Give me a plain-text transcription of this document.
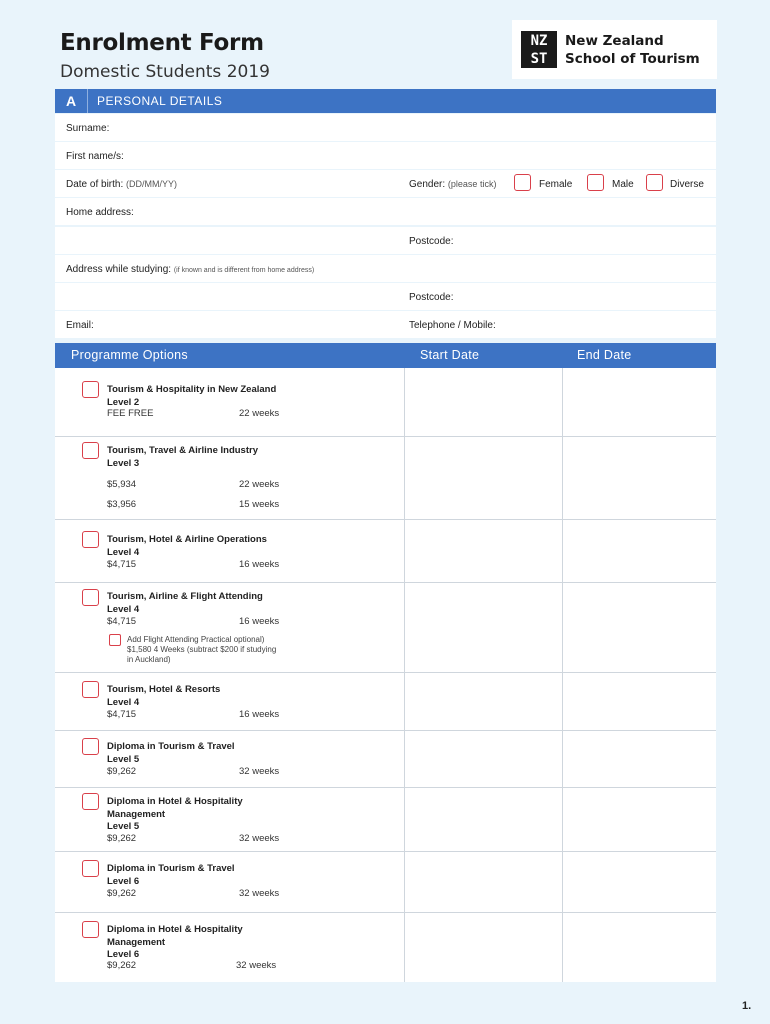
Enrolment Form
Domestic Students 2019
NZ
ST
New Zealand
School of Tourism
A	PERSONAL DETAILS
Surname:
First name/s:
Date of birth: (DD/MM/YY)	Gender: (please tick)	Female	Male	Diverse
Home address:
Postcode:
Address while studying: (if known and is different from home address)
Postcode:
Email:	Telephone / Mobile:
Programme Options	Start Date	End Date
Tourism & Hospitality in New Zealand
Level 2
FEE FREE	22 weeks
Tourism, Travel & Airline Industry
Level 3
$5,934	22 weeks
$3,956	15 weeks
Tourism, Hotel & Airline Operations
Level 4
$4,715	16 weeks
Tourism, Airline & Flight Attending
Level 4
$4,715	16 weeks
Add Flight Attending Practical optional)
$1,580 4 Weeks (subtract $200 if studying
in Auckland)
Tourism, Hotel & Resorts
Level 4
$4,715	16 weeks
Diploma in Tourism & Travel
Level 5
$9,262	32 weeks
Diploma in Hotel & Hospitality
Management
Level 5
$9,262	32 weeks
Diploma in Tourism & Travel
Level 6
$9,262	32 weeks
Diploma in Hotel & Hospitality
Management
Level 6
$9,262	32 weeks
1.
